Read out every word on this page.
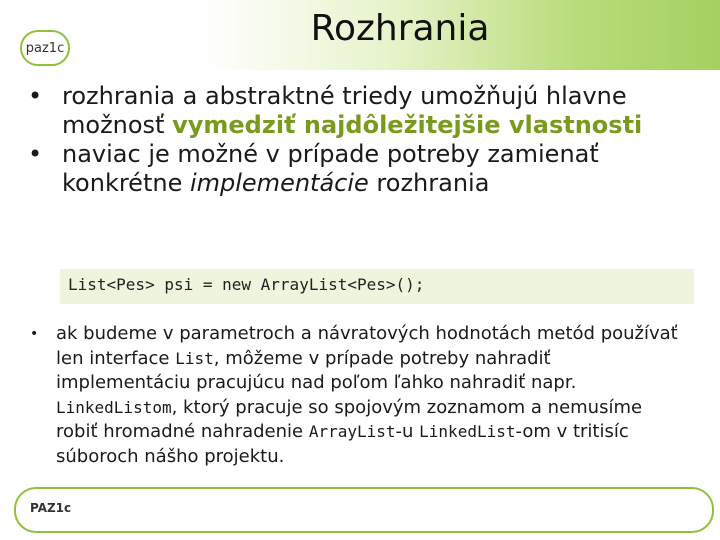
paz1c	Rozhrania
• rozhrania a abstraktné triedy umožňujú hlavne možnosť vymedziť najdôležitejšie vlastnosti
• naviac je možné v prípade potreby zamienať konkrétne implementácie rozhrania
List<Pes> psi = new ArrayList<Pes>();
• ak budeme v parametroch a návratových hodnotách metód používať len interface List, môžeme v prípade potreby nahradiť implementáciu pracujúcu nad poľom ľahko nahradiť napr. LinkedListom, ktorý pracuje so spojovým zoznamom a nemusíme robiť hromadné nahradenie ArrayList-u LinkedList-om v tritisíc súboroch nášho projektu.
PAZ1c
